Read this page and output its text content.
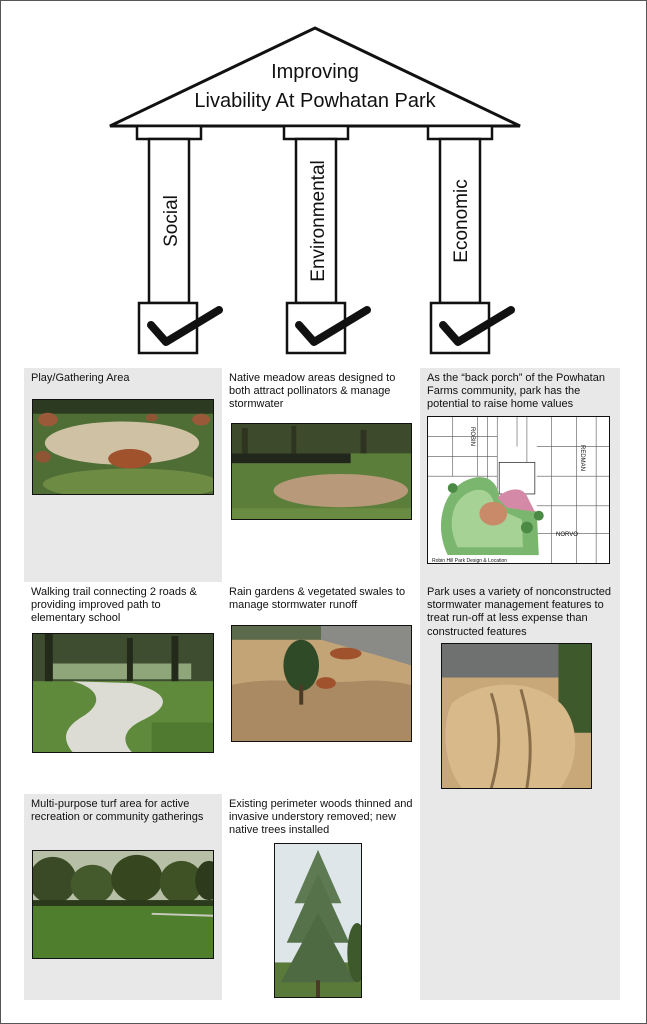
Improving
Livability At Powhatan Park
Social	Environmental	Economic
Play/Gathering Area	Native meadow areas designed to both attract pollinators & manage stormwater
As the “back porch” of the Powhatan Farms community, park has the potential to raise home values
ROBIN
REDMAN
NORVO
Robin Hill Park Design & Location
Walking trail connecting 2 roads & providing improved path to elementary school
Rain gardens & vegetated swales to manage stormwater runoff
Park uses a variety of nonconstructed stormwater management features to treat run-off at less expense than constructed features
Multi-purpose turf area for active recreation or community gatherings
Existing perimeter woods thinned and invasive understory removed; new native trees installed
